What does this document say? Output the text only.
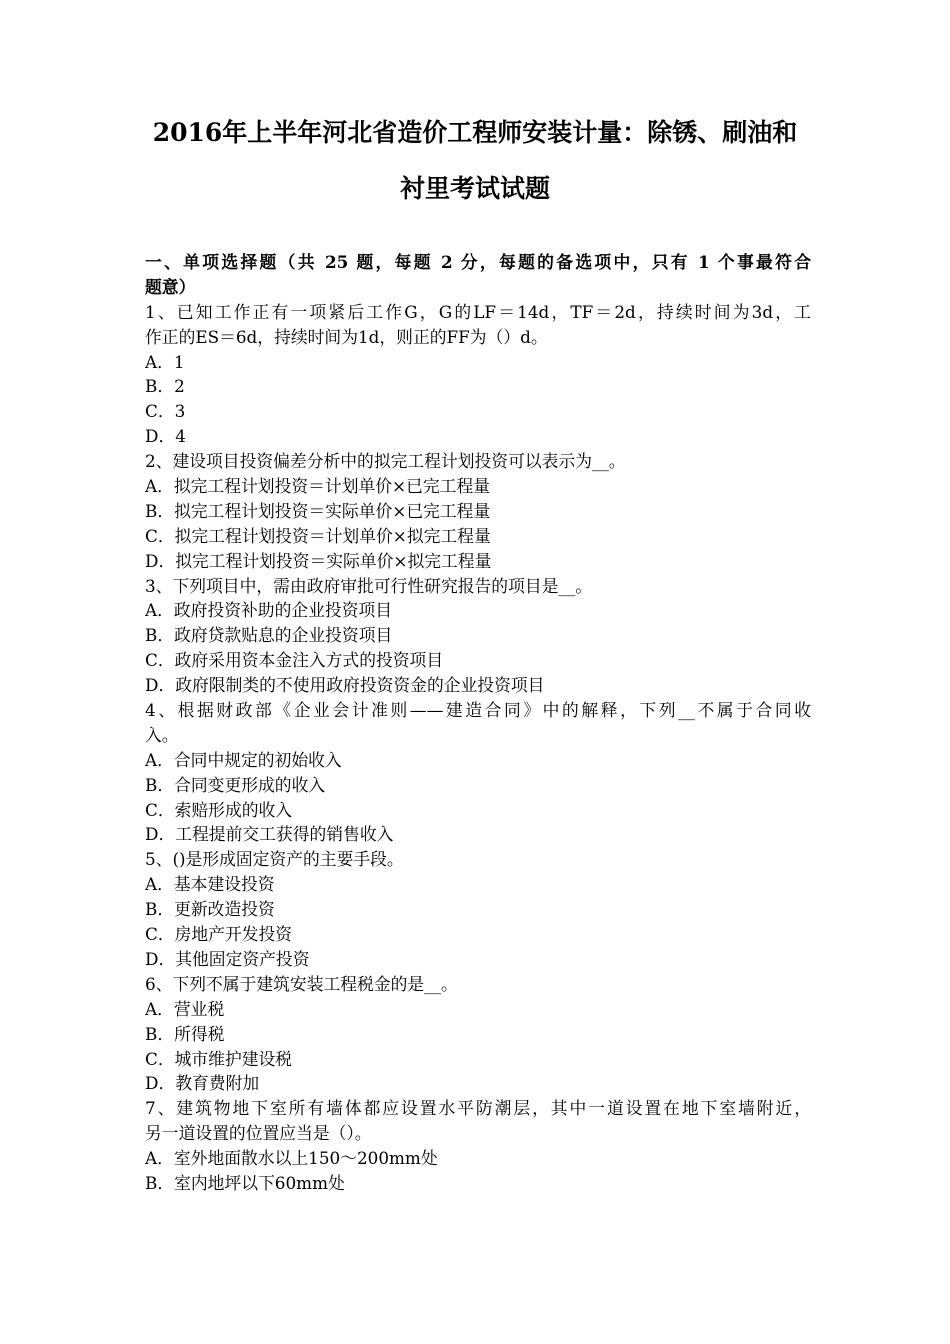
2016年上半年河北省造价工程师安装计量：除锈、刷油和
衬里考试试题
一、单项选择题（共 25 题，每题 2 分，每题的备选项中，只有 1 个事最符合
题意）
1、已知工作正有一项紧后工作G，G的LF＝14d，TF＝2d，持续时间为3d，工
作正的ES＝6d，持续时间为1d，则正的FF为（）d。
A．1
B．2
C．3
D．4
2、建设项目投资偏差分析中的拟完工程计划投资可以表示为__。
A．拟完工程计划投资＝计划单价×已完工程量
B．拟完工程计划投资＝实际单价×已完工程量
C．拟完工程计划投资＝计划单价×拟完工程量
D．拟完工程计划投资＝实际单价×拟完工程量
3、下列项目中，需由政府审批可行性研究报告的项目是__。
A．政府投资补助的企业投资项目
B．政府贷款贴息的企业投资项目
C．政府采用资本金注入方式的投资项目
D．政府限制类的不使用政府投资资金的企业投资项目
4、根据财政部《企业会计准则——建造合同》中的解释，下列__不属于合同收
入。
A．合同中规定的初始收入
B．合同变更形成的收入
C．索赔形成的收入
D．工程提前交工获得的销售收入
5、()是形成固定资产的主要手段。
A．基本建设投资
B．更新改造投资
C．房地产开发投资
D．其他固定资产投资
6、下列不属于建筑安装工程税金的是__。
A．营业税
B．所得税
C．城市维护建设税
D．教育费附加
7、建筑物地下室所有墙体都应设置水平防潮层，其中一道设置在地下室墙附近，
另一道设置的位置应当是（）。
A．室外地面散水以上150～200mm处
B．室内地坪以下60mm处
